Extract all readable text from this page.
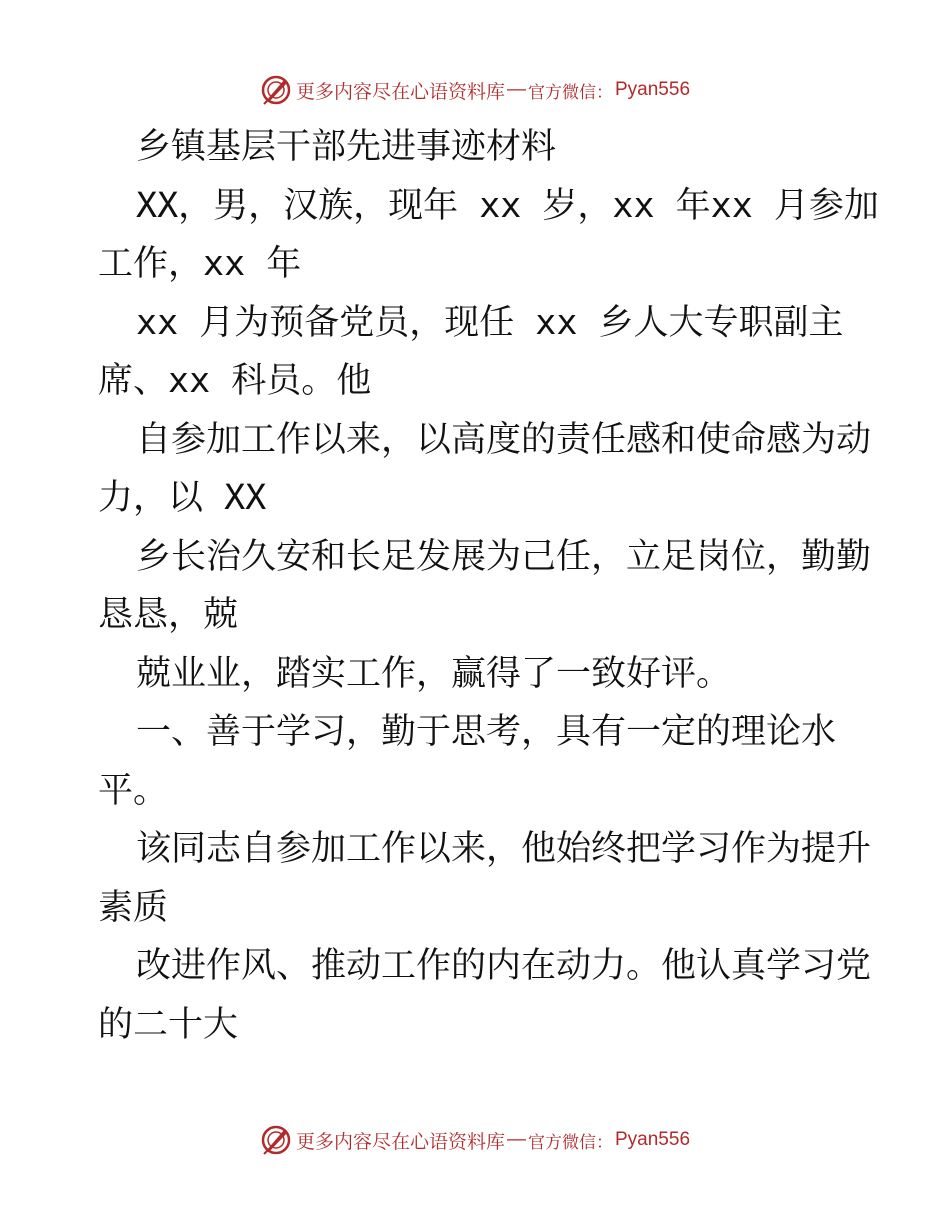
更多内容尽在心语资料库 — 官方微信： Pyan556
乡镇基层干部先进事迹材料
XX，男，汉族，现年 xx 岁，xx 年xx 月参加
工作，xx 年
xx 月为预备党员，现任 xx 乡人大专职副主
席、xx 科员。他
自参加工作以来，以高度的责任感和使命感为动
力，以 XX
乡长治久安和长足发展为己任，立足岗位，勤勤
恳恳，兢
兢业业，踏实工作，赢得了一致好评。
一、善于学习，勤于思考，具有一定的理论水
平。
该同志自参加工作以来，他始终把学习作为提升
素质
改进作风、推动工作的内在动力。他认真学习党
的二十大
更多内容尽在心语资料库 — 官方微信： Pyan556
